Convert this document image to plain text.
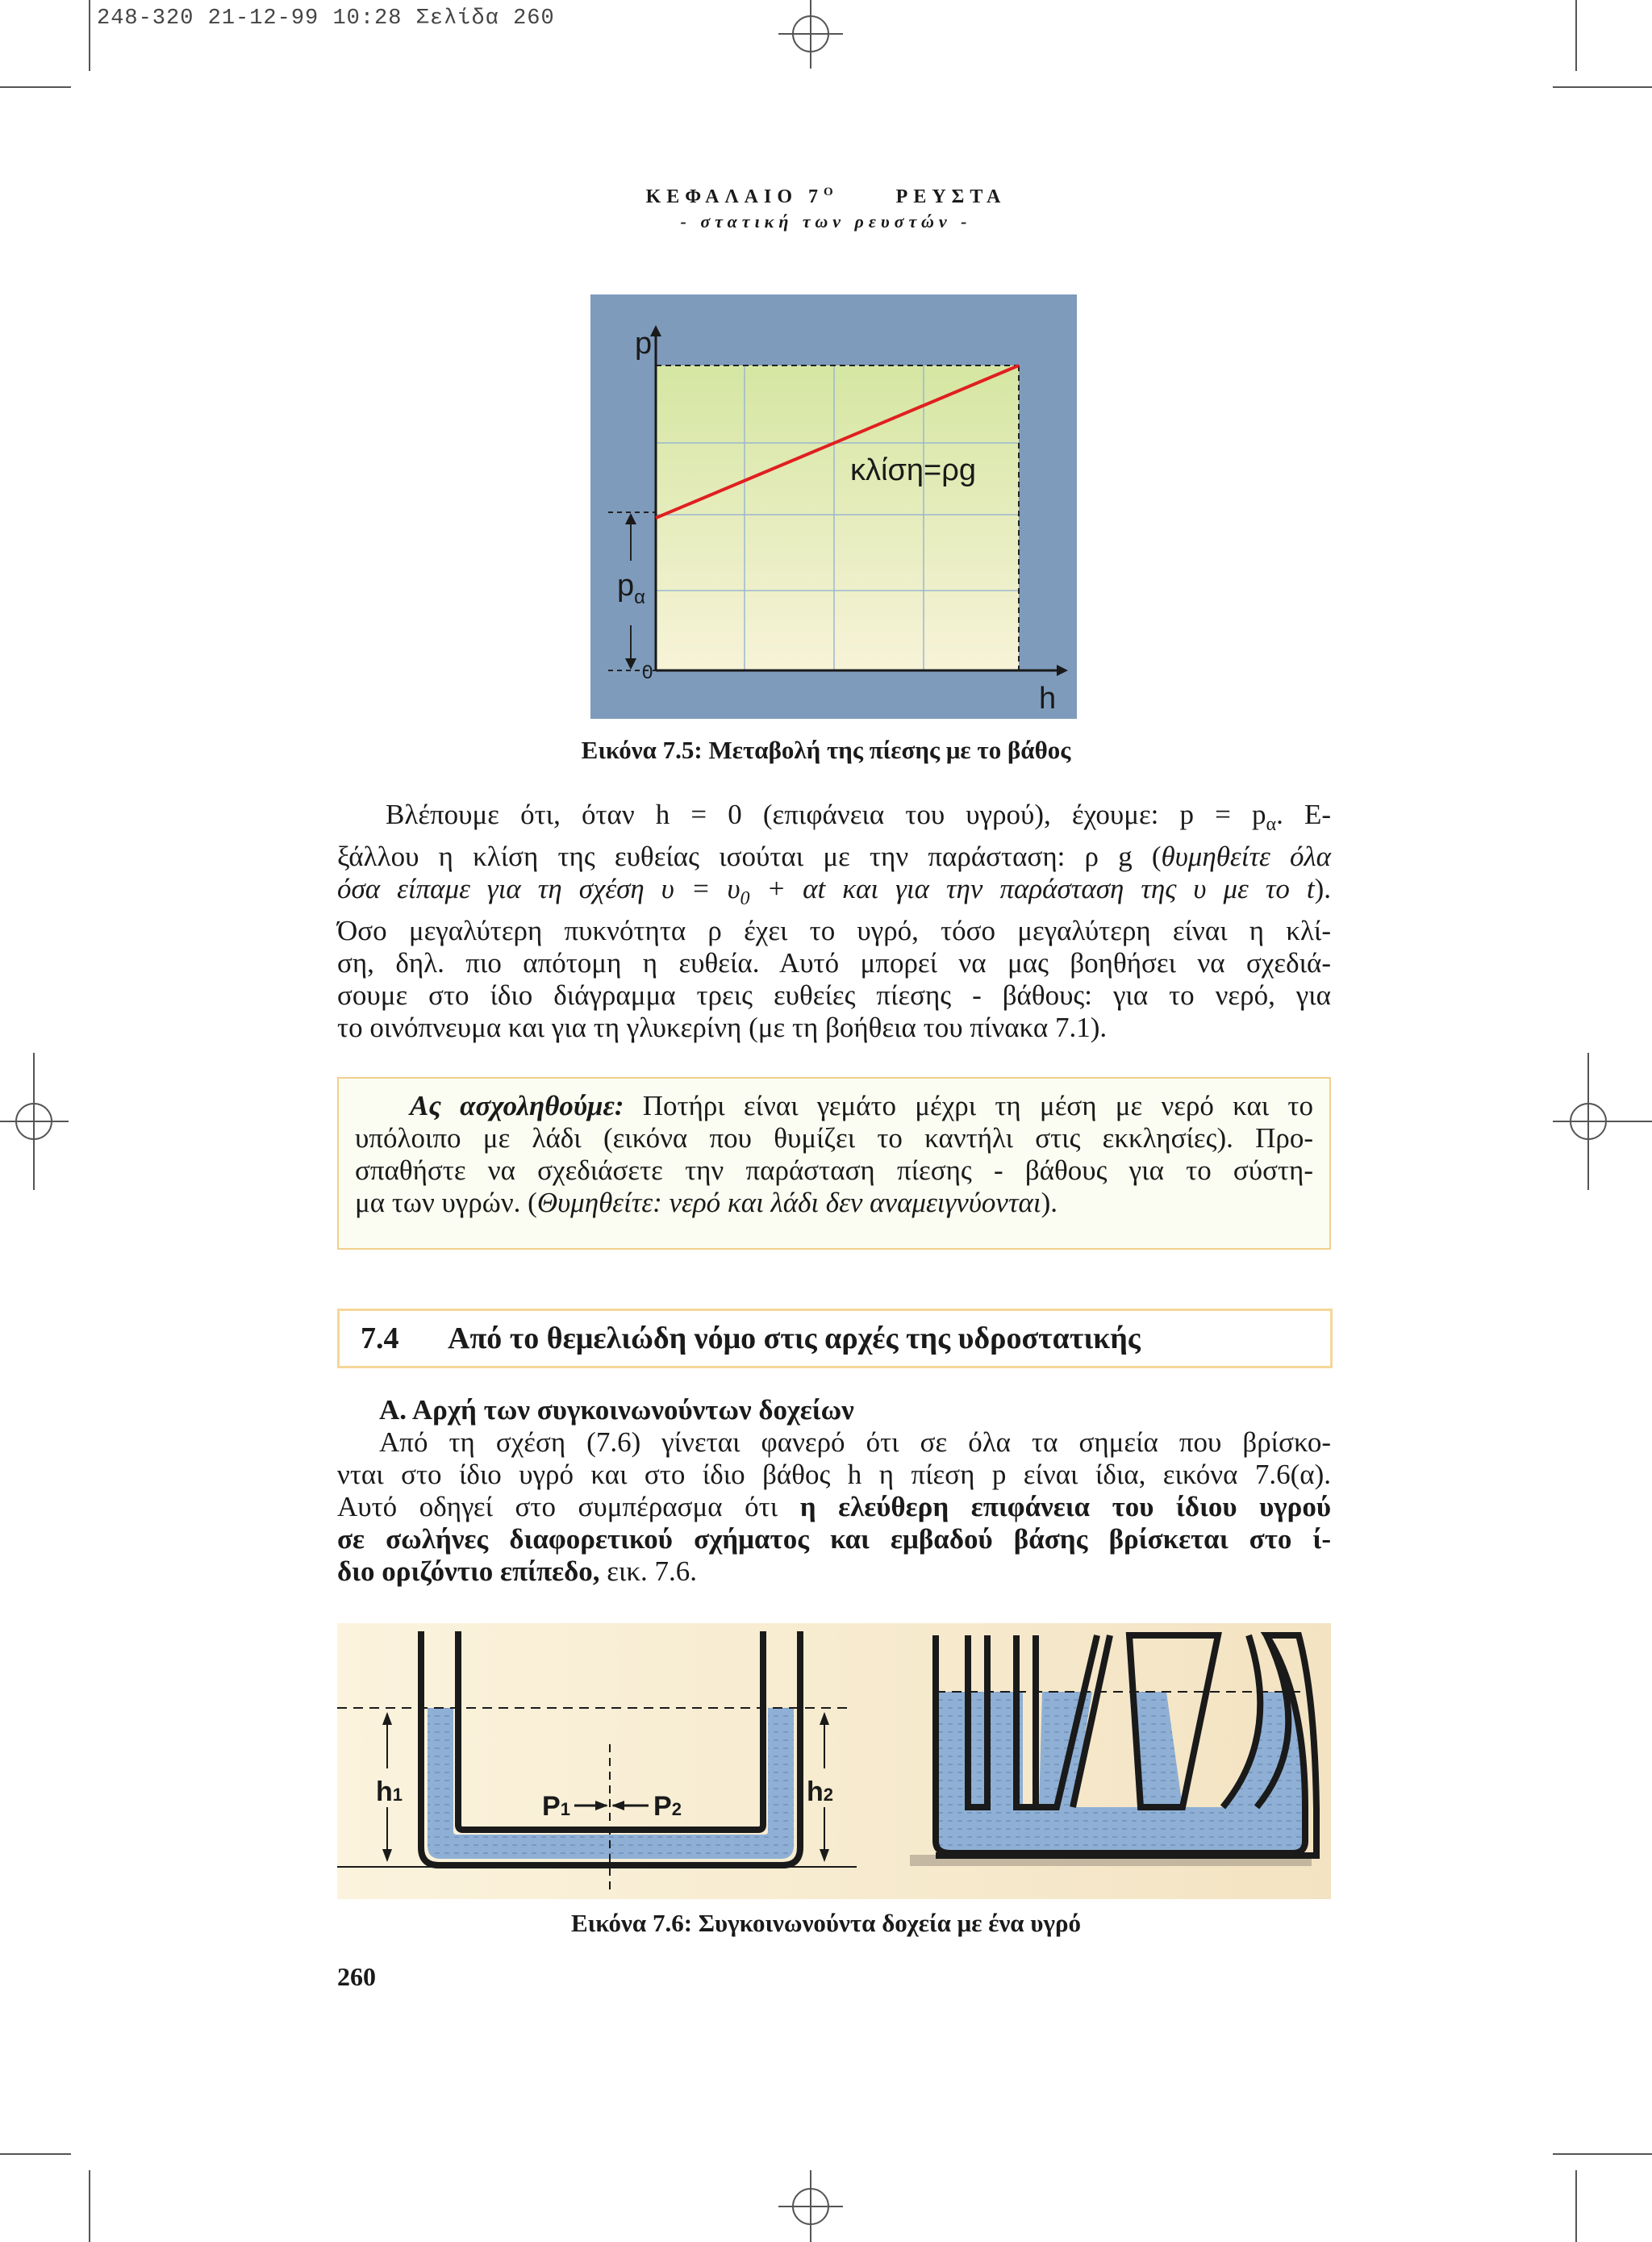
248-320 21-12-99 10:28 Σελίδα 260
ΚΕΦΑΛΑΙΟ $7^O$	ΡΕΥΣΤΑ
- στατική των ρευστών -
p
h
0
$p_\alpha$
κλίση=ρg
Εικόνα 7.5: Μεταβολή της πίεσης με το βάθος
Βλέπουμε ότι, όταν h = 0 (επιφάνεια του υγρού), έχουμε: $p = p_\alpha$. Ε-
ξάλλου η κλίση της ευθείας ισούται με την παράσταση: ρ g (θυμηθείτε όλα
όσα είπαμε για τη σχέση $\upsilon = \upsilon_0 + \alpha t$ και για την παράσταση της υ με το t).
Όσο μεγαλύτερη πυκνότητα ρ έχει το υγρό, τόσο μεγαλύτερη είναι η κλί-
ση, δηλ. πιο απότομη η ευθεία. Αυτό μπορεί να μας βοηθήσει να σχεδιά-
σουμε στο ίδιο διάγραμμα τρεις ευθείες πίεσης - βάθους: για το νερό, για
το οινόπνευμα και για τη γλυκερίνη (με τη βοήθεια του πίνακα 7.1).
Ας ασχοληθούμε: Ποτήρι είναι γεμάτο μέχρι τη μέση με νερό και το
υπόλοιπο με λάδι (εικόνα που θυμίζει το καντήλι στις εκκλησίες). Προ-
σπαθήστε να σχεδιάσετε την παράσταση πίεσης - βάθους για το σύστη-
μα των υγρών. (Θυμηθείτε: νερό και λάδι δεν αναμειγνύονται).
7.4 Από το θεμελιώδη νόμο στις αρχές της υδροστατικής
Α. Αρχή των συγκοινωνούντων δοχείων
Από τη σχέση (7.6) γίνεται φανερό ότι σε όλα τα σημεία που βρίσκο-
νται στο ίδιο υγρό και στο ίδιο βάθος h η πίεση p είναι ίδια, εικόνα 7.6(α).
Αυτό οδηγεί στο συμπέρασμα ότι η ελεύθερη επιφάνεια του ίδιου υγρού
σε σωλήνες διαφορετικού σχήματος και εμβαδού βάσης βρίσκεται στο ί-
διο οριζόντιο επίπεδο, εικ. 7.6.
h1	h2
P1	P2
Εικόνα 7.6: Συγκοινωνούντα δοχεία με ένα υγρό
260
